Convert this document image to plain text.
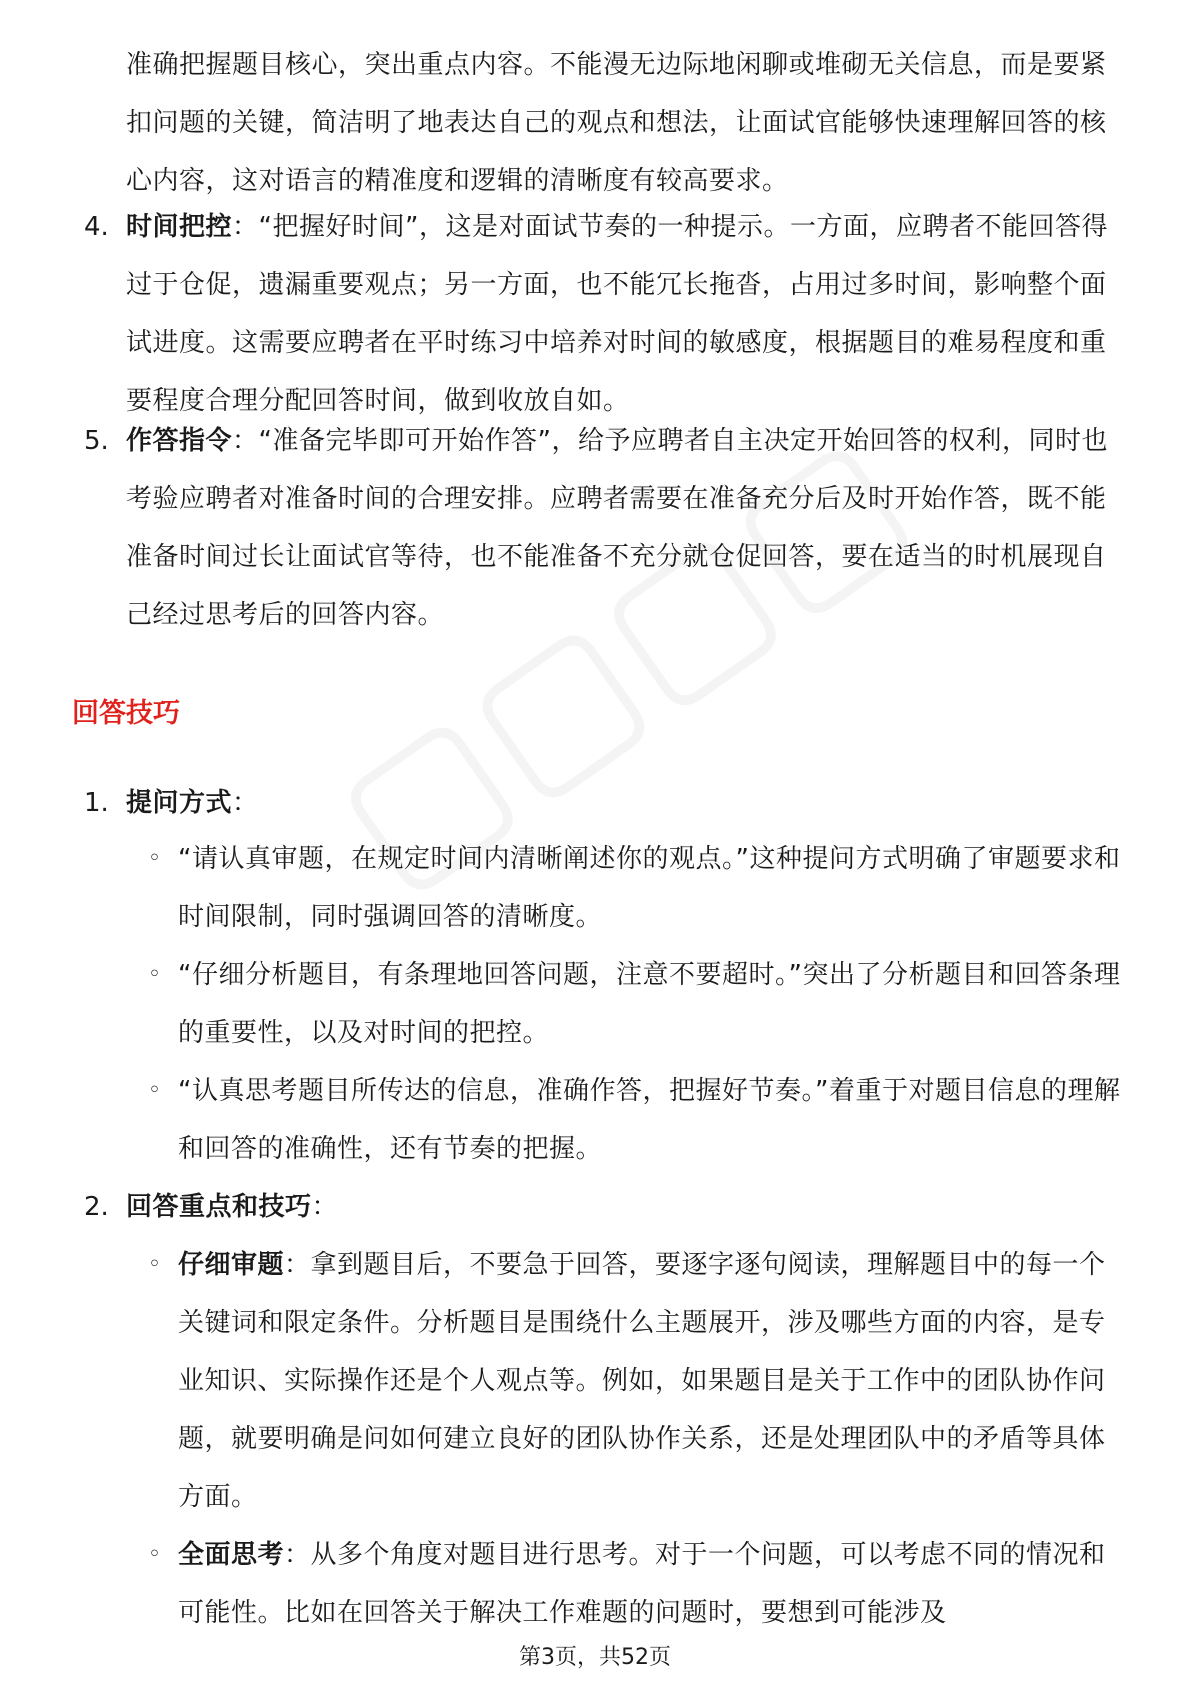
准确把握题目核心，突出重点内容。不能漫无边际地闲聊或堆砌无关信息，而是要紧扣问题的关键，简洁明了地表达自己的观点和想法，让面试官能够快速理解回答的核心内容，这对语言的精准度和逻辑的清晰度有较高要求。

4. 时间把控：“把握好时间”，这是对面试节奏的一种提示。一方面，应聘者不能回答得过于仓促，遗漏重要观点；另一方面，也不能冗长拖沓，占用过多时间，影响整个面试进度。这需要应聘者在平时练习中培养对时间的敏感度，根据题目的难易程度和重要程度合理分配回答时间，做到收放自如。

5. 作答指令：“准备完毕即可开始作答”，给予应聘者自主决定开始回答的权利，同时也考验应聘者对准备时间的合理安排。应聘者需要在准备充分后及时开始作答，既不能准备时间过长让面试官等待，也不能准备不充分就仓促回答，要在适当的时机展现自己经过思考后的回答内容。

回答技巧
1. 提问方式：

◦ “请认真审题，在规定时间内清晰阐述你的观点。”这种提问方式明确了审题要求和时间限制，同时强调回答的清晰度。

◦ “仔细分析题目，有条理地回答问题，注意不要超时。”突出了分析题目和回答条理的重要性，以及对时间的把控。

◦ “认真思考题目所传达的信息，准确作答，把握好节奏。”着重于对题目信息的理解和回答的准确性，还有节奏的把握。

2. 回答重点和技巧：

◦ 仔细审题：拿到题目后，不要急于回答，要逐字逐句阅读，理解题目中的每一个关键词和限定条件。分析题目是围绕什么主题展开，涉及哪些方面的内容，是专业知识、实际操作还是个人观点等。例如，如果题目是关于工作中的团队协作问题，就要明确是问如何建立良好的团队协作关系，还是处理团队中的矛盾等具体方面。

◦ 全面思考：从多个角度对题目进行思考。对于一个问题，可以考虑不同的情况和可能性。比如在回答关于解决工作难题的问题时，要想到可能涉及

第3页，共52页
